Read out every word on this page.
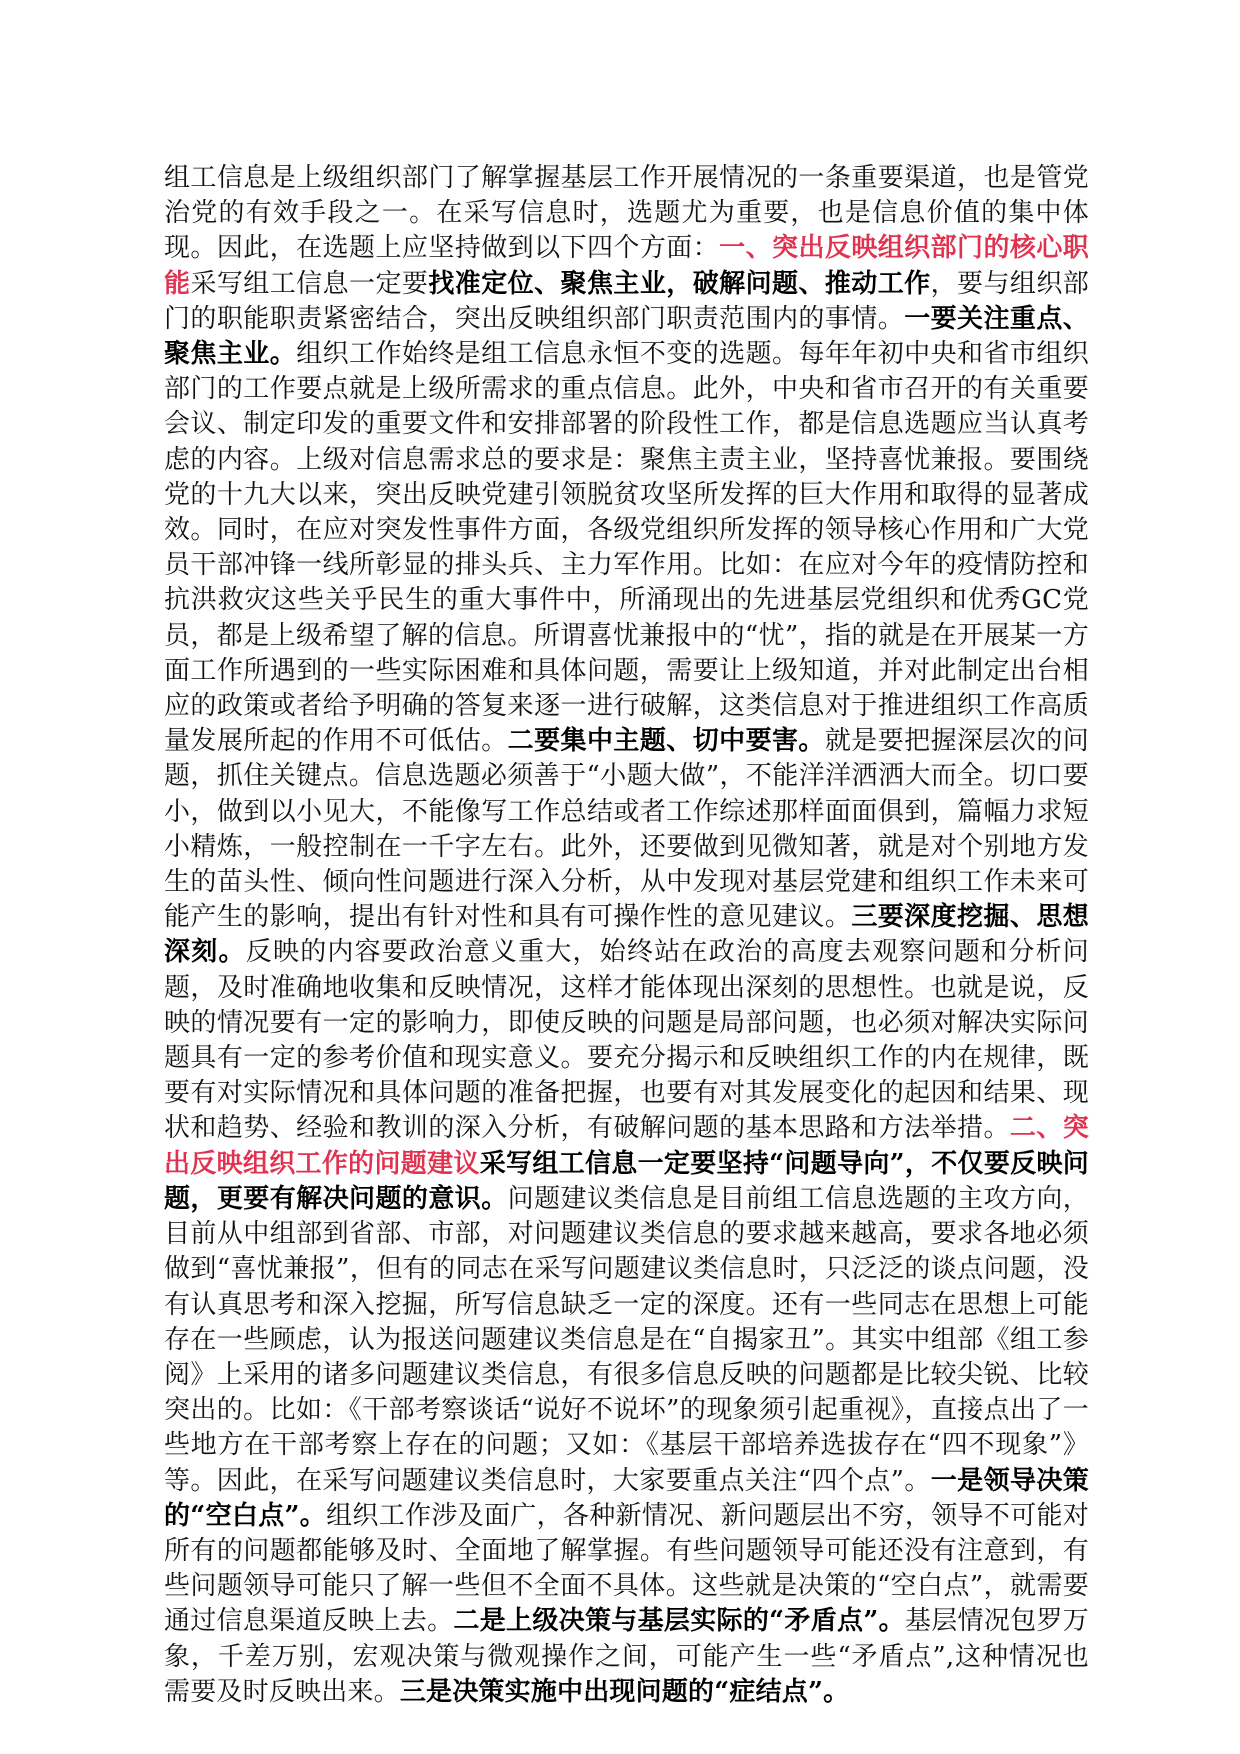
组工信息是上级组织部门了解掌握基层工作开展情况的一条重要渠道，也是管党治党的有效手段之一。在采写信息时，选题尤为重要，也是信息价值的集中体现。因此，在选题上应坚持做到以下四个方面：一、突出反映组织部门的核心职能采写组工信息一定要找准定位、聚焦主业，破解问题、推动工作，要与组织部门的职能职责紧密结合，突出反映组织部门职责范围内的事情。一要关注重点、聚焦主业。组织工作始终是组工信息永恒不变的选题。每年年初中央和省市组织部门的工作要点就是上级所需求的重点信息。此外，中央和省市召开的有关重要会议、制定印发的重要文件和安排部署的阶段性工作，都是信息选题应当认真考虑的内容。上级对信息需求总的要求是：聚焦主责主业，坚持喜忧兼报。要围绕党的十九大以来，突出反映党建引领脱贫攻坚所发挥的巨大作用和取得的显著成效。同时，在应对突发性事件方面，各级党组织所发挥的领导核心作用和广大党员干部冲锋一线所彰显的排头兵、主力军作用。比如：在应对今年的疫情防控和抗洪救灾这些关乎民生的重大事件中，所涌现出的先进基层党组织和优秀GC党员，都是上级希望了解的信息。所谓喜忧兼报中的“忧”，指的就是在开展某一方面工作所遇到的一些实际困难和具体问题，需要让上级知道，并对此制定出台相应的政策或者给予明确的答复来逐一进行破解，这类信息对于推进组织工作高质量发展所起的作用不可低估。二要集中主题、切中要害。就是要把握深层次的问题，抓住关键点。信息选题必须善于“小题大做”，不能洋洋洒洒大而全。切口要小，做到以小见大，不能像写工作总结或者工作综述那样面面俱到，篇幅力求短小精炼，一般控制在一千字左右。此外，还要做到见微知著，就是对个别地方发生的苗头性、倾向性问题进行深入分析，从中发现对基层党建和组织工作未来可能产生的影响，提出有针对性和具有可操作性的意见建议。三要深度挖掘、思想深刻。反映的内容要政治意义重大，始终站在政治的高度去观察问题和分析问题，及时准确地收集和反映情况，这样才能体现出深刻的思想性。也就是说，反映的情况要有一定的影响力，即使反映的问题是局部问题，也必须对解决实际问题具有一定的参考价值和现实意义。要充分揭示和反映组织工作的内在规律，既要有对实际情况和具体问题的准备把握，也要有对其发展变化的起因和结果、现状和趋势、经验和教训的深入分析，有破解问题的基本思路和方法举措。二、突出反映组织工作的问题建议采写组工信息一定要坚持“问题导向”，不仅要反映问题，更要有解决问题的意识。问题建议类信息是目前组工信息选题的主攻方向，目前从中组部到省部、市部，对问题建议类信息的要求越来越高，要求各地必须做到“喜忧兼报”，但有的同志在采写问题建议类信息时，只泛泛的谈点问题，没有认真思考和深入挖掘，所写信息缺乏一定的深度。还有一些同志在思想上可能存在一些顾虑，认为报送问题建议类信息是在“自揭家丑”。其实中组部《组工参阅》上采用的诸多问题建议类信息，有很多信息反映的问题都是比较尖锐、比较突出的。比如：《干部考察谈话“说好不说坏”的现象须引起重视》，直接点出了一些地方在干部考察上存在的问题；又如：《基层干部培养选拔存在“四不现象”》等。因此，在采写问题建议类信息时，大家要重点关注“四个点”。一是领导决策的“空白点”。组织工作涉及面广，各种新情况、新问题层出不穷，领导不可能对所有的问题都能够及时、全面地了解掌握。有些问题领导可能还没有注意到，有些问题领导可能只了解一些但不全面不具体。这些就是决策的“空白点”，就需要通过信息渠道反映上去。二是上级决策与基层实际的“矛盾点”。基层情况包罗万象，千差万别，宏观决策与微观操作之间，可能产生一些“矛盾点”,这种情况也需要及时反映出来。三是决策实施中出现问题的“症结点”。
